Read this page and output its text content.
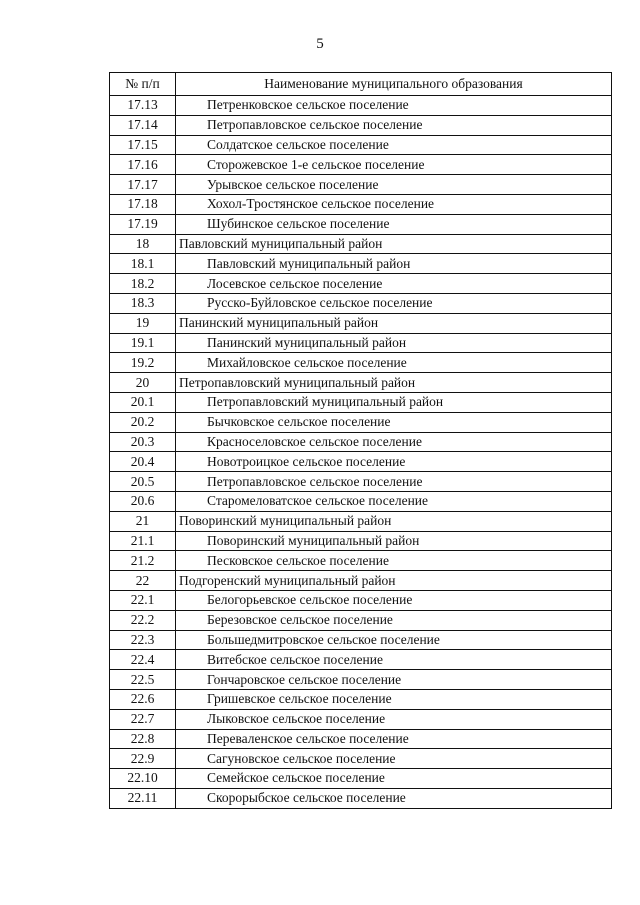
5
№ п/п	Наименование муниципального образования
17.13	Петренковское сельское поселение
17.14	Петропавловское сельское поселение
17.15	Солдатское сельское поселение
17.16	Сторожевское 1-е сельское поселение
17.17	Урывское сельское поселение
17.18	Хохол-Тростянское сельское поселение
17.19	Шубинское сельское поселение
18	Павловский муниципальный район
18.1	Павловский муниципальный район
18.2	Лосевское сельское поселение
18.3	Русско-Буйловское сельское поселение
19	Панинский муниципальный район
19.1	Панинский муниципальный район
19.2	Михайловское сельское поселение
20	Петропавловский муниципальный район
20.1	Петропавловский муниципальный район
20.2	Бычковское сельское поселение
20.3	Красноселовское сельское поселение
20.4	Новотроицкое сельское поселение
20.5	Петропавловское сельское поселение
20.6	Старомеловатское сельское поселение
21	Поворинский муниципальный район
21.1	Поворинский муниципальный район
21.2	Песковское сельское поселение
22	Подгоренский муниципальный район
22.1	Белогорьевское сельское поселение
22.2	Березовское сельское поселение
22.3	Большедмитровское сельское поселение
22.4	Витебское сельское поселение
22.5	Гончаровское сельское поселение
22.6	Гришевское сельское поселение
22.7	Лыковское сельское поселение
22.8	Переваленское сельское поселение
22.9	Сагуновское сельское поселение
22.10	Семейское сельское поселение
22.11	Скорорыбское сельское поселение
